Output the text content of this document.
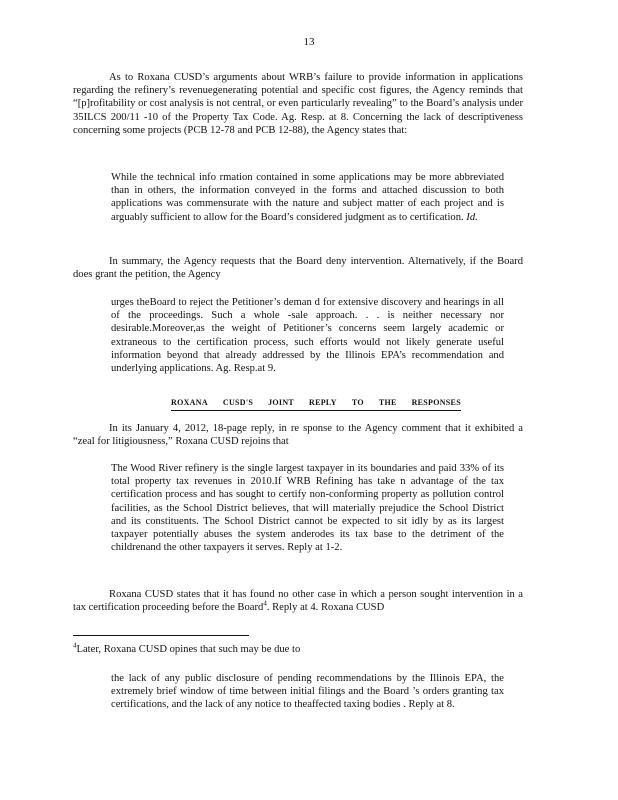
13
As to Roxana CUSD’s arguments about WRB’s failure to provide information in applications regarding the refinery’s revenuegenerating potential and specific cost figures, the Agency reminds that “[p]rofitability or cost analysis is not central, or even particularly revealing” to the Board’s analysis under 35ILCS 200/11 -10 of the Property Tax Code. Ag. Resp. at 8. Concerning the lack of descriptiveness concerning some projects (PCB 12-78 and PCB 12-88), the Agency states that:
While the technical info rmation contained in some applications may be more abbreviated than in others, the information conveyed in the forms and attached discussion to both applications was commensurate with the nature and subject matter of each project and is arguably sufficient to allow for the Board’s considered judgment as to certification. Id.
In summary, the Agency requests that the Board deny intervention. Alternatively, if the Board does grant the petition, the Agency
urges theBoard to reject the Petitioner’s deman d for extensive discovery and hearings in all of the proceedings. Such a whole -sale approach. . . is neither necessary nor desirable.Moreover,as the weight of Petitioner’s concerns seem largely academic or extraneous to the certification process, such efforts would not likely generate useful information beyond that already addressed by the Illinois EPA’s recommendation and underlying applications. Ag. Resp.at 9.
ROXANA CUSD'S JOINT REPLY TO THE RESPONSES
In its January 4, 2012, 18-page reply, in re sponse to the Agency comment that it exhibited a “zeal for litigiousness,” Roxana CUSD rejoins that
The Wood River refinery is the single largest taxpayer in its boundaries and paid 33% of its total property tax revenues in 2010.If WRB Refining has take n advantage of the tax certification process and has sought to certify non-conforming property as pollution control facilities, as the School District believes, that will materially prejudice the School District and its constituents. The School District cannot be expected to sit idly by as its largest taxpayer potentially abuses the system anderodes its tax base to the detriment of the childrenand the other taxpayers it serves. Reply at 1-2.
Roxana CUSD states that it has found no other case in which a person sought intervention in a tax certification proceeding before the Board$^4$. Reply at 4. Roxana CUSD
$^4$Later, Roxana CUSD opines that such may be due to
the lack of any public disclosure of pending recommendations by the Illinois EPA, the extremely brief window of time between initial filings and the Board ’s orders granting tax certifications, and the lack of any notice to theaffected taxing bodies . Reply at 8.
